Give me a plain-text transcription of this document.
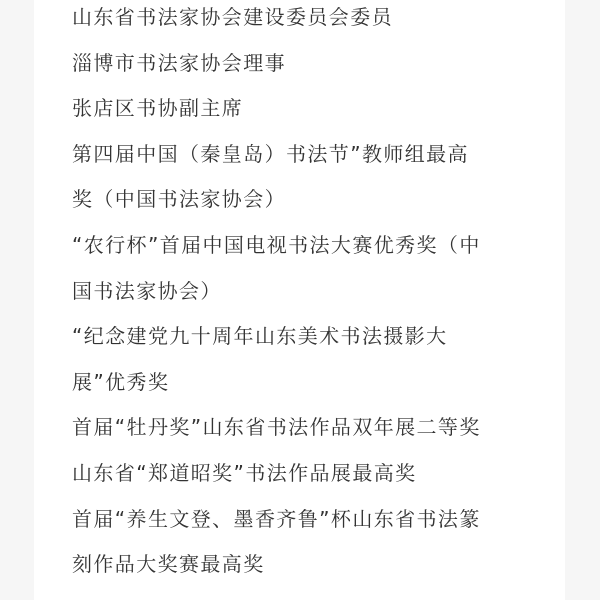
山东省书法家协会建设委员会委员
淄博市书法家协会理事
张店区书协副主席
第四届中国（秦皇岛）书法节”教师组最高
奖（中国书法家协会）
“农行杯”首届中国电视书法大赛优秀奖（中
国书法家协会）
“纪念建党九十周年山东美术书法摄影大
展”优秀奖
首届“牡丹奖”山东省书法作品双年展二等奖
山东省“郑道昭奖”书法作品展最高奖
首届“养生文登、墨香齐鲁”杯山东省书法篆
刻作品大奖赛最高奖
